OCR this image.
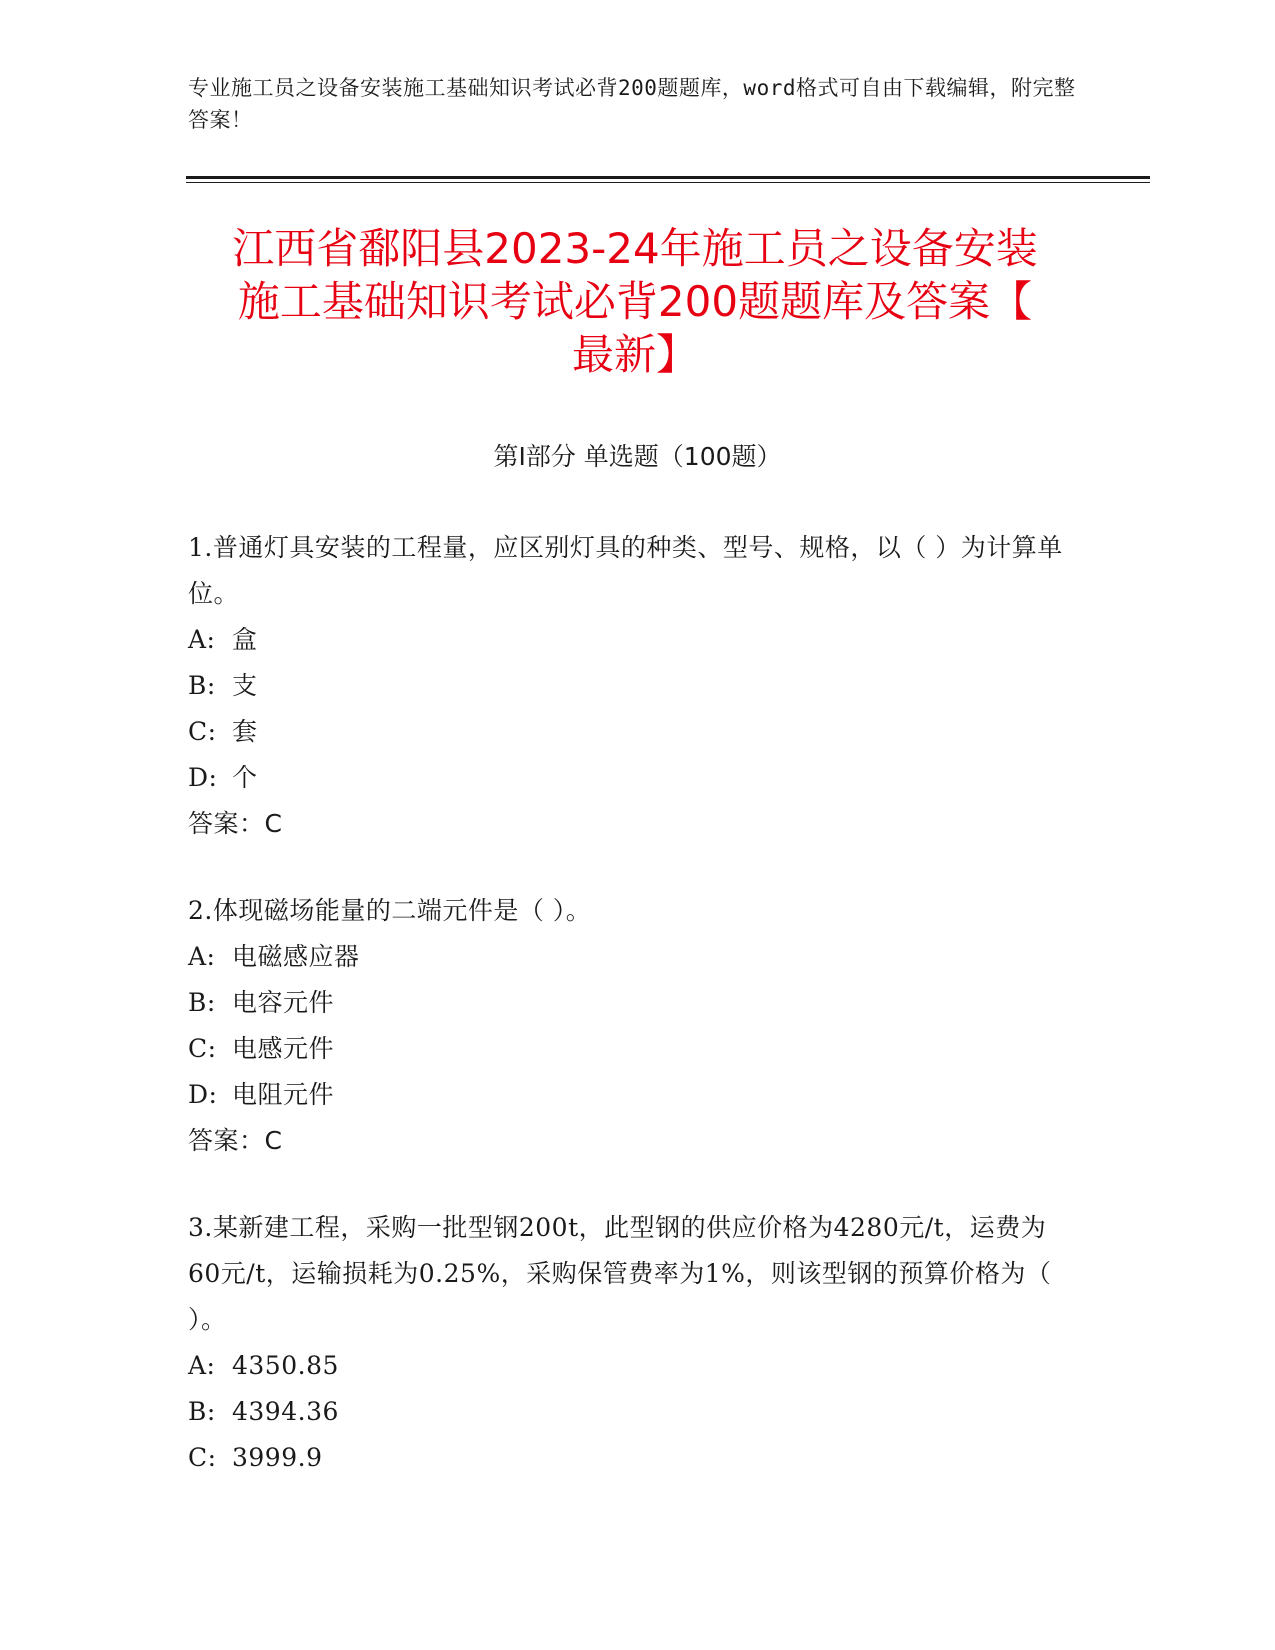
专业施工员之设备安装施工基础知识考试必背200题题库，word格式可自由下载编辑，附完整答案！
江西省鄱阳县2023-24年施工员之设备安装
施工基础知识考试必背200题题库及答案【
最新】
第I部分 单选题（100题）
1.普通灯具安装的工程量，应区别灯具的种类、型号、规格，以（ ）为计算单位。
A: 盒
B: 支
C: 套
D: 个
答案：C
2.体现磁场能量的二端元件是（ ）。
A: 电磁感应器
B: 电容元件
C: 电感元件
D: 电阻元件
答案：C
3.某新建工程，采购一批型钢200t，此型钢的供应价格为4280元/t，运费为60元/t，运输损耗为0.25%，采购保管费率为1%，则该型钢的预算价格为（ ）。
A: 4350.85
B: 4394.36
C: 3999.9
